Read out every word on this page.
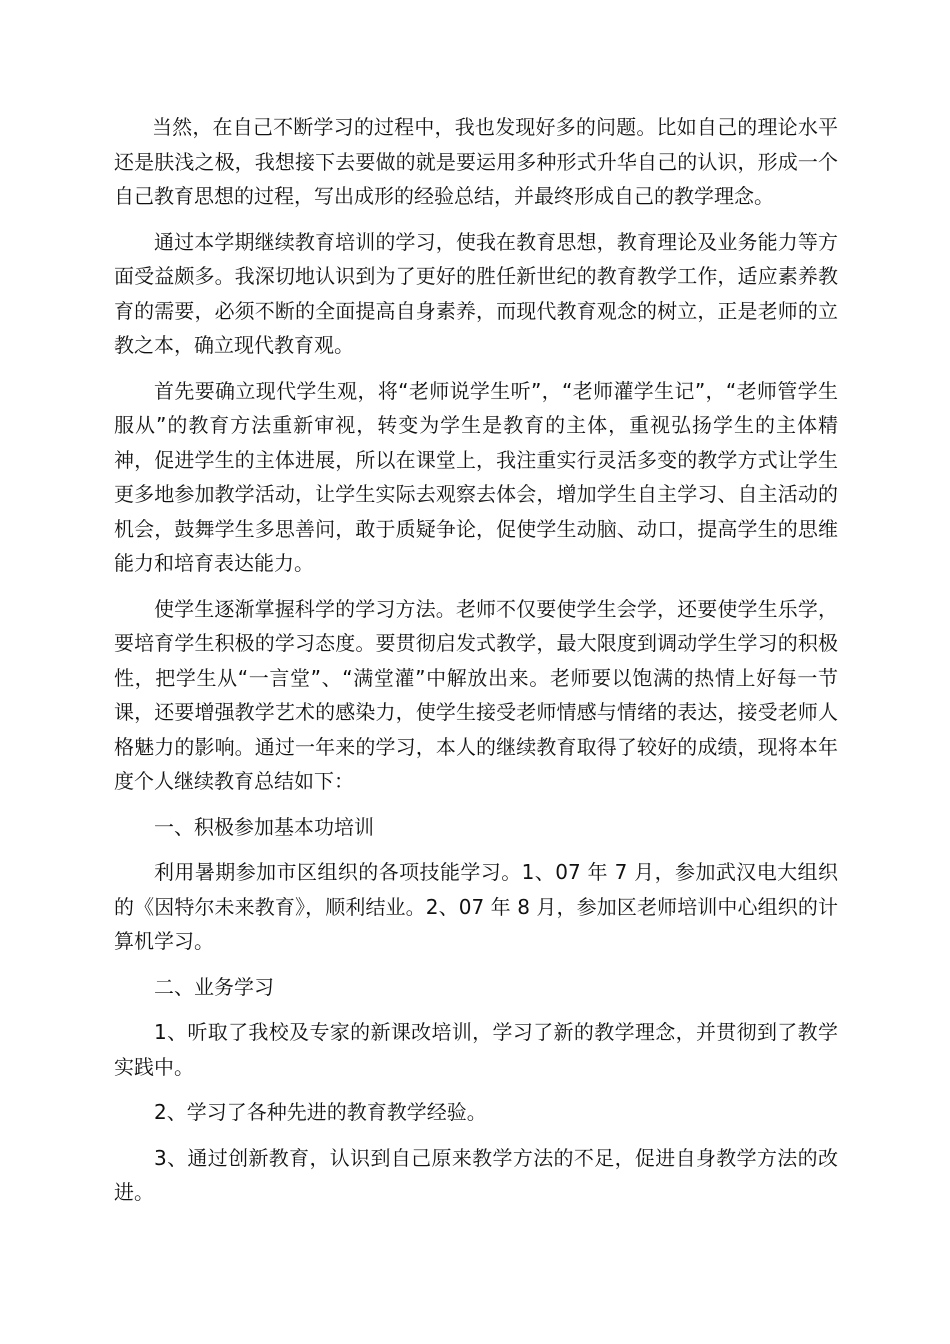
当然，在自己不断学习的过程中，我也发现好多的问题。比如自己的理论水平还是肤浅之极，我想接下去要做的就是要运用多种形式升华自己的认识，形成一个自己教育思想的过程，写出成形的经验总结，并最终形成自己的教学理念。

通过本学期继续教育培训的学习，使我在教育思想，教育理论及业务能力等方面受益颇多。我深切地认识到为了更好的胜任新世纪的教育教学工作，适应素养教育的需要，必须不断的全面提高自身素养，而现代教育观念的树立，正是老师的立教之本，确立现代教育观。

首先要确立现代学生观，将“老师说学生听”，“老师灌学生记”，“老师管学生服从”的教育方法重新审视，转变为学生是教育的主体，重视弘扬学生的主体精神，促进学生的主体进展，所以在课堂上，我注重实行灵活多变的教学方式让学生更多地参加教学活动，让学生实际去观察去体会，增加学生自主学习、自主活动的机会，鼓舞学生多思善问，敢于质疑争论，促使学生动脑、动口，提高学生的思维能力和培育表达能力。

使学生逐渐掌握科学的学习方法。老师不仅要使学生会学，还要使学生乐学，要培育学生积极的学习态度。要贯彻启发式教学，最大限度到调动学生学习的积极性，把学生从“一言堂”、“满堂灌”中解放出来。老师要以饱满的热情上好每一节课，还要增强教学艺术的感染力，使学生接受老师情感与情绪的表达，接受老师人格魅力的影响。通过一年来的学习，本人的继续教育取得了较好的成绩，现将本年度个人继续教育总结如下：

一、积极参加基本功培训

利用暑期参加市区组织的各项技能学习。1、07 年 7 月，参加武汉电大组织的《因特尔未来教育》，顺利结业。2、07 年 8 月，参加区老师培训中心组织的计算机学习。

二、业务学习

1、听取了我校及专家的新课改培训，学习了新的教学理念，并贯彻到了教学实践中。

2、学习了各种先进的教育教学经验。

3、通过创新教育，认识到自己原来教学方法的不足，促进自身教学方法的改进。
